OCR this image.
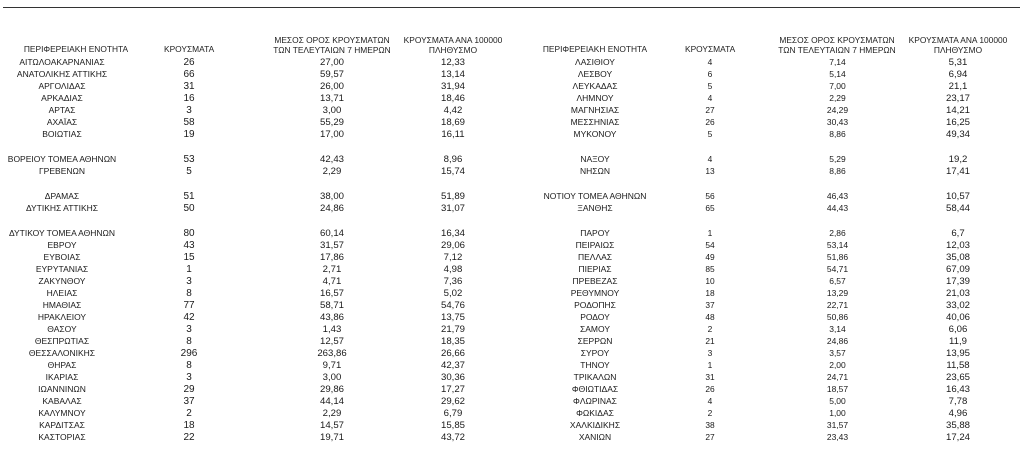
ΠΕΡΙΦΕΡΕΙΑΚΗ ΕΝΟΤΗΤΑ	ΚΡΟΥΣΜΑΤΑ
ΜΕΣΟΣ ΟΡΟΣ ΚΡΟΥΣΜΑΤΩΝ
ΤΩΝ ΤΕΛΕΥΤΑΙΩΝ 7 ΗΜΕΡΩΝ
ΚΡΟΥΣΜΑΤΑ ΑΝΑ 100000
ΠΛΗΘΥΣΜΟ	ΠΕΡΙΦΕΡΕΙΑΚΗ ΕΝΟΤΗΤΑ	ΚΡΟΥΣΜΑΤΑ
ΜΕΣΟΣ ΟΡΟΣ ΚΡΟΥΣΜΑΤΩΝ
ΤΩΝ ΤΕΛΕΥΤΑΙΩΝ 7 ΗΜΕΡΩΝ
ΚΡΟΥΣΜΑΤΑ ΑΝΑ 100000
ΠΛΗΘΥΣΜΟ
ΑΙΤΩΛΟΑΚΑΡΝΑΝΙΑΣ	26	27,00	12,33
ΑΝΑΤΟΛΙΚΗΣ ΑΤΤΙΚΗΣ	66	59,57	13,14
ΑΡΓΟΛΙΔΑΣ	31	26,00	31,94
ΑΡΚΑΔΙΑΣ	16	13,71	18,46
ΑΡΤΑΣ	3	3,00	4,42
ΑΧΑΪΑΣ	58	55,29	18,69
ΒΟΙΩΤΙΑΣ	19	17,00	16,11
ΒΟΡΕΙΟΥ ΤΟΜΕΑ ΑΘΗΝΩΝ	53	42,43	8,96
ΓΡΕΒΕΝΩΝ	5	2,29	15,74
ΔΡΑΜΑΣ	51	38,00	51,89
ΔΥΤΙΚΗΣ ΑΤΤΙΚΗΣ	50	24,86	31,07
ΔΥΤΙΚΟΥ ΤΟΜΕΑ ΑΘΗΝΩΝ	80	60,14	16,34
ΕΒΡΟΥ	43	31,57	29,06
ΕΥΒΟΙΑΣ	15	17,86	7,12
ΕΥΡΥΤΑΝΙΑΣ	1	2,71	4,98
ΖΑΚΥΝΘΟΥ	3	4,71	7,36
ΗΛΕΙΑΣ	8	16,57	5,02
ΗΜΑΘΙΑΣ	77	58,71	54,76
ΗΡΑΚΛΕΙΟΥ	42	43,86	13,75
ΘΑΣΟΥ	3	1,43	21,79
ΘΕΣΠΡΩΤΙΑΣ	8	12,57	18,35
ΘΕΣΣΑΛΟΝΙΚΗΣ	296	263,86	26,66
ΘΗΡΑΣ	8	9,71	42,37
ΙΚΑΡΙΑΣ	3	3,00	30,36
ΙΩΑΝΝΙΝΩΝ	29	29,86	17,27
ΚΑΒΑΛΑΣ	37	44,14	29,62
ΚΑΛΥΜΝΟΥ	2	2,29	6,79
ΚΑΡΔΙΤΣΑΣ	18	14,57	15,85
ΚΑΣΤΟΡΙΑΣ	22	19,71	43,72
ΛΑΣΙΘΙΟΥ	4	7,14	5,31
ΛΕΣΒΟΥ	6	5,14	6,94
ΛΕΥΚΑΔΑΣ	5	7,00	21,1
ΛΗΜΝΟΥ	4	2,29	23,17
ΜΑΓΝΗΣΙΑΣ	27	24,29	14,21
ΜΕΣΣΗΝΙΑΣ	26	30,43	16,25
ΜΥΚΟΝΟΥ	5	8,86	49,34
ΝΑΞΟΥ	4	5,29	19,2
ΝΗΣΩΝ	13	8,86	17,41
ΝΟΤΙΟΥ ΤΟΜΕΑ ΑΘΗΝΩΝ	56	46,43	10,57
ΞΑΝΘΗΣ	65	44,43	58,44
ΠΑΡΟΥ	1	2,86	6,7
ΠΕΙΡΑΙΩΣ	54	53,14	12,03
ΠΕΛΛΑΣ	49	51,86	35,08
ΠΙΕΡΙΑΣ	85	54,71	67,09
ΠΡΕΒΕΖΑΣ	10	6,57	17,39
ΡΕΘΥΜΝΟΥ	18	13,29	21,03
ΡΟΔΟΠΗΣ	37	22,71	33,02
ΡΟΔΟΥ	48	50,86	40,06
ΣΑΜΟΥ	2	3,14	6,06
ΣΕΡΡΩΝ	21	24,86	11,9
ΣΥΡΟΥ	3	3,57	13,95
ΤΗΝΟΥ	1	2,00	11,58
ΤΡΙΚΑΛΩΝ	31	24,71	23,65
ΦΘΙΩΤΙΔΑΣ	26	18,57	16,43
ΦΛΩΡΙΝΑΣ	4	5,00	7,78
ΦΩΚΙΔΑΣ	2	1,00	4,96
ΧΑΛΚΙΔΙΚΗΣ	38	31,57	35,88
ΧΑΝΙΩΝ	27	23,43	17,24
